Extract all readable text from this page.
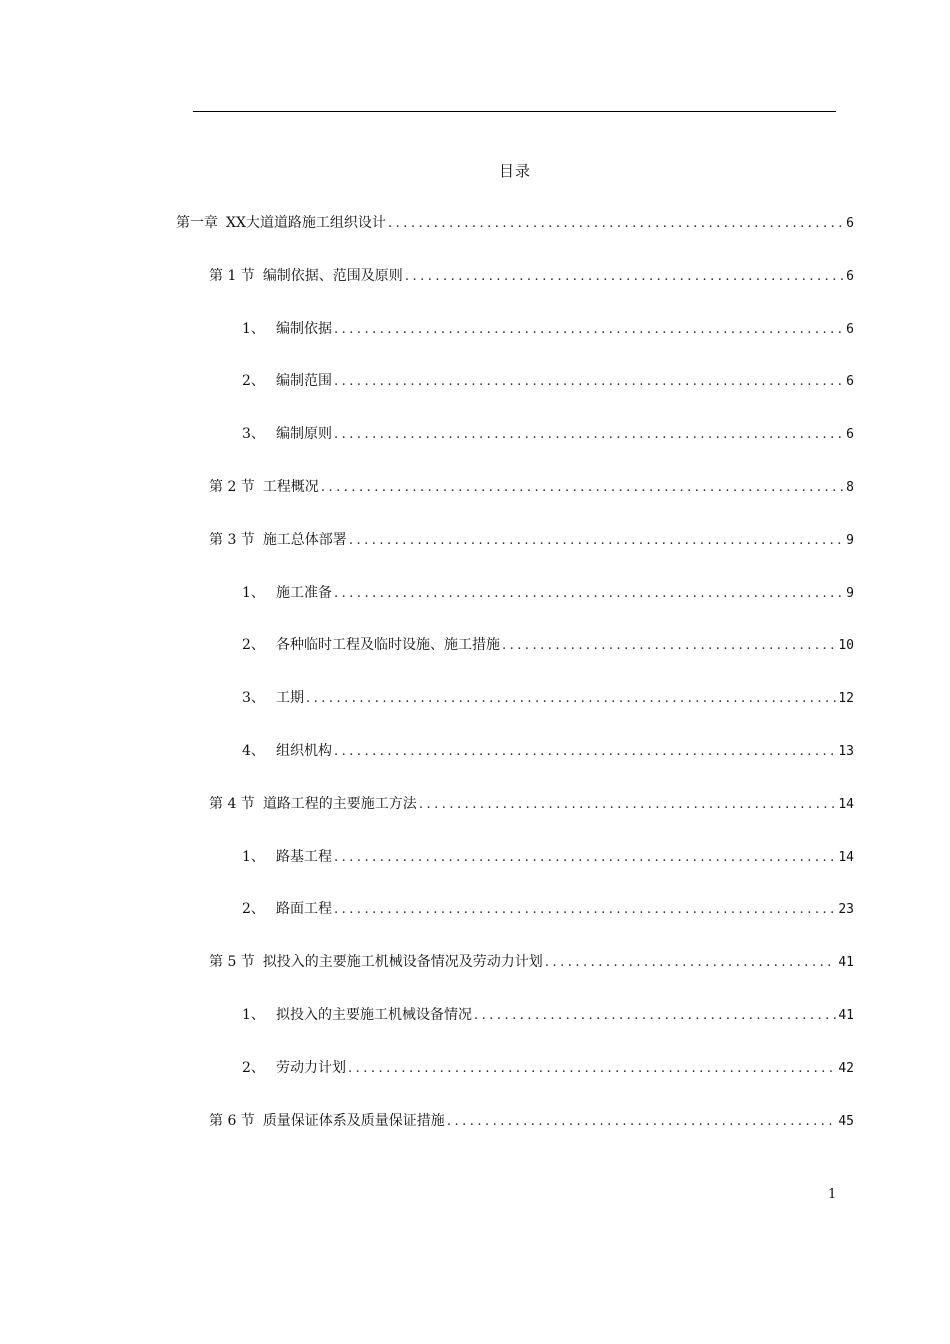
目录
第一章 XX大道道路施工组织设计 .....	6
第 1 节 编制依据、范围及原则 .....	6
1、 编制依据 .....	6
2、 编制范围 .....	6
3、 编制原则 .....	6
第 2 节 工程概况 .....	8
第 3 节 施工总体部署 .....	9
1、 施工准备 .....	9
2、 各种临时工程及临时设施、施工措施 .....	10
3、 工期 .....	12
4、 组织机构 .....	13
第 4 节 道路工程的主要施工方法 .....	14
1、 路基工程 .....	14
2、 路面工程 .....	23
第 5 节 拟投入的主要施工机械设备情况及劳动力计划 .....	41
1、 拟投入的主要施工机械设备情况 .....	41
2、 劳动力计划 .....	42
第 6 节 质量保证体系及质量保证措施 .....	45
1
